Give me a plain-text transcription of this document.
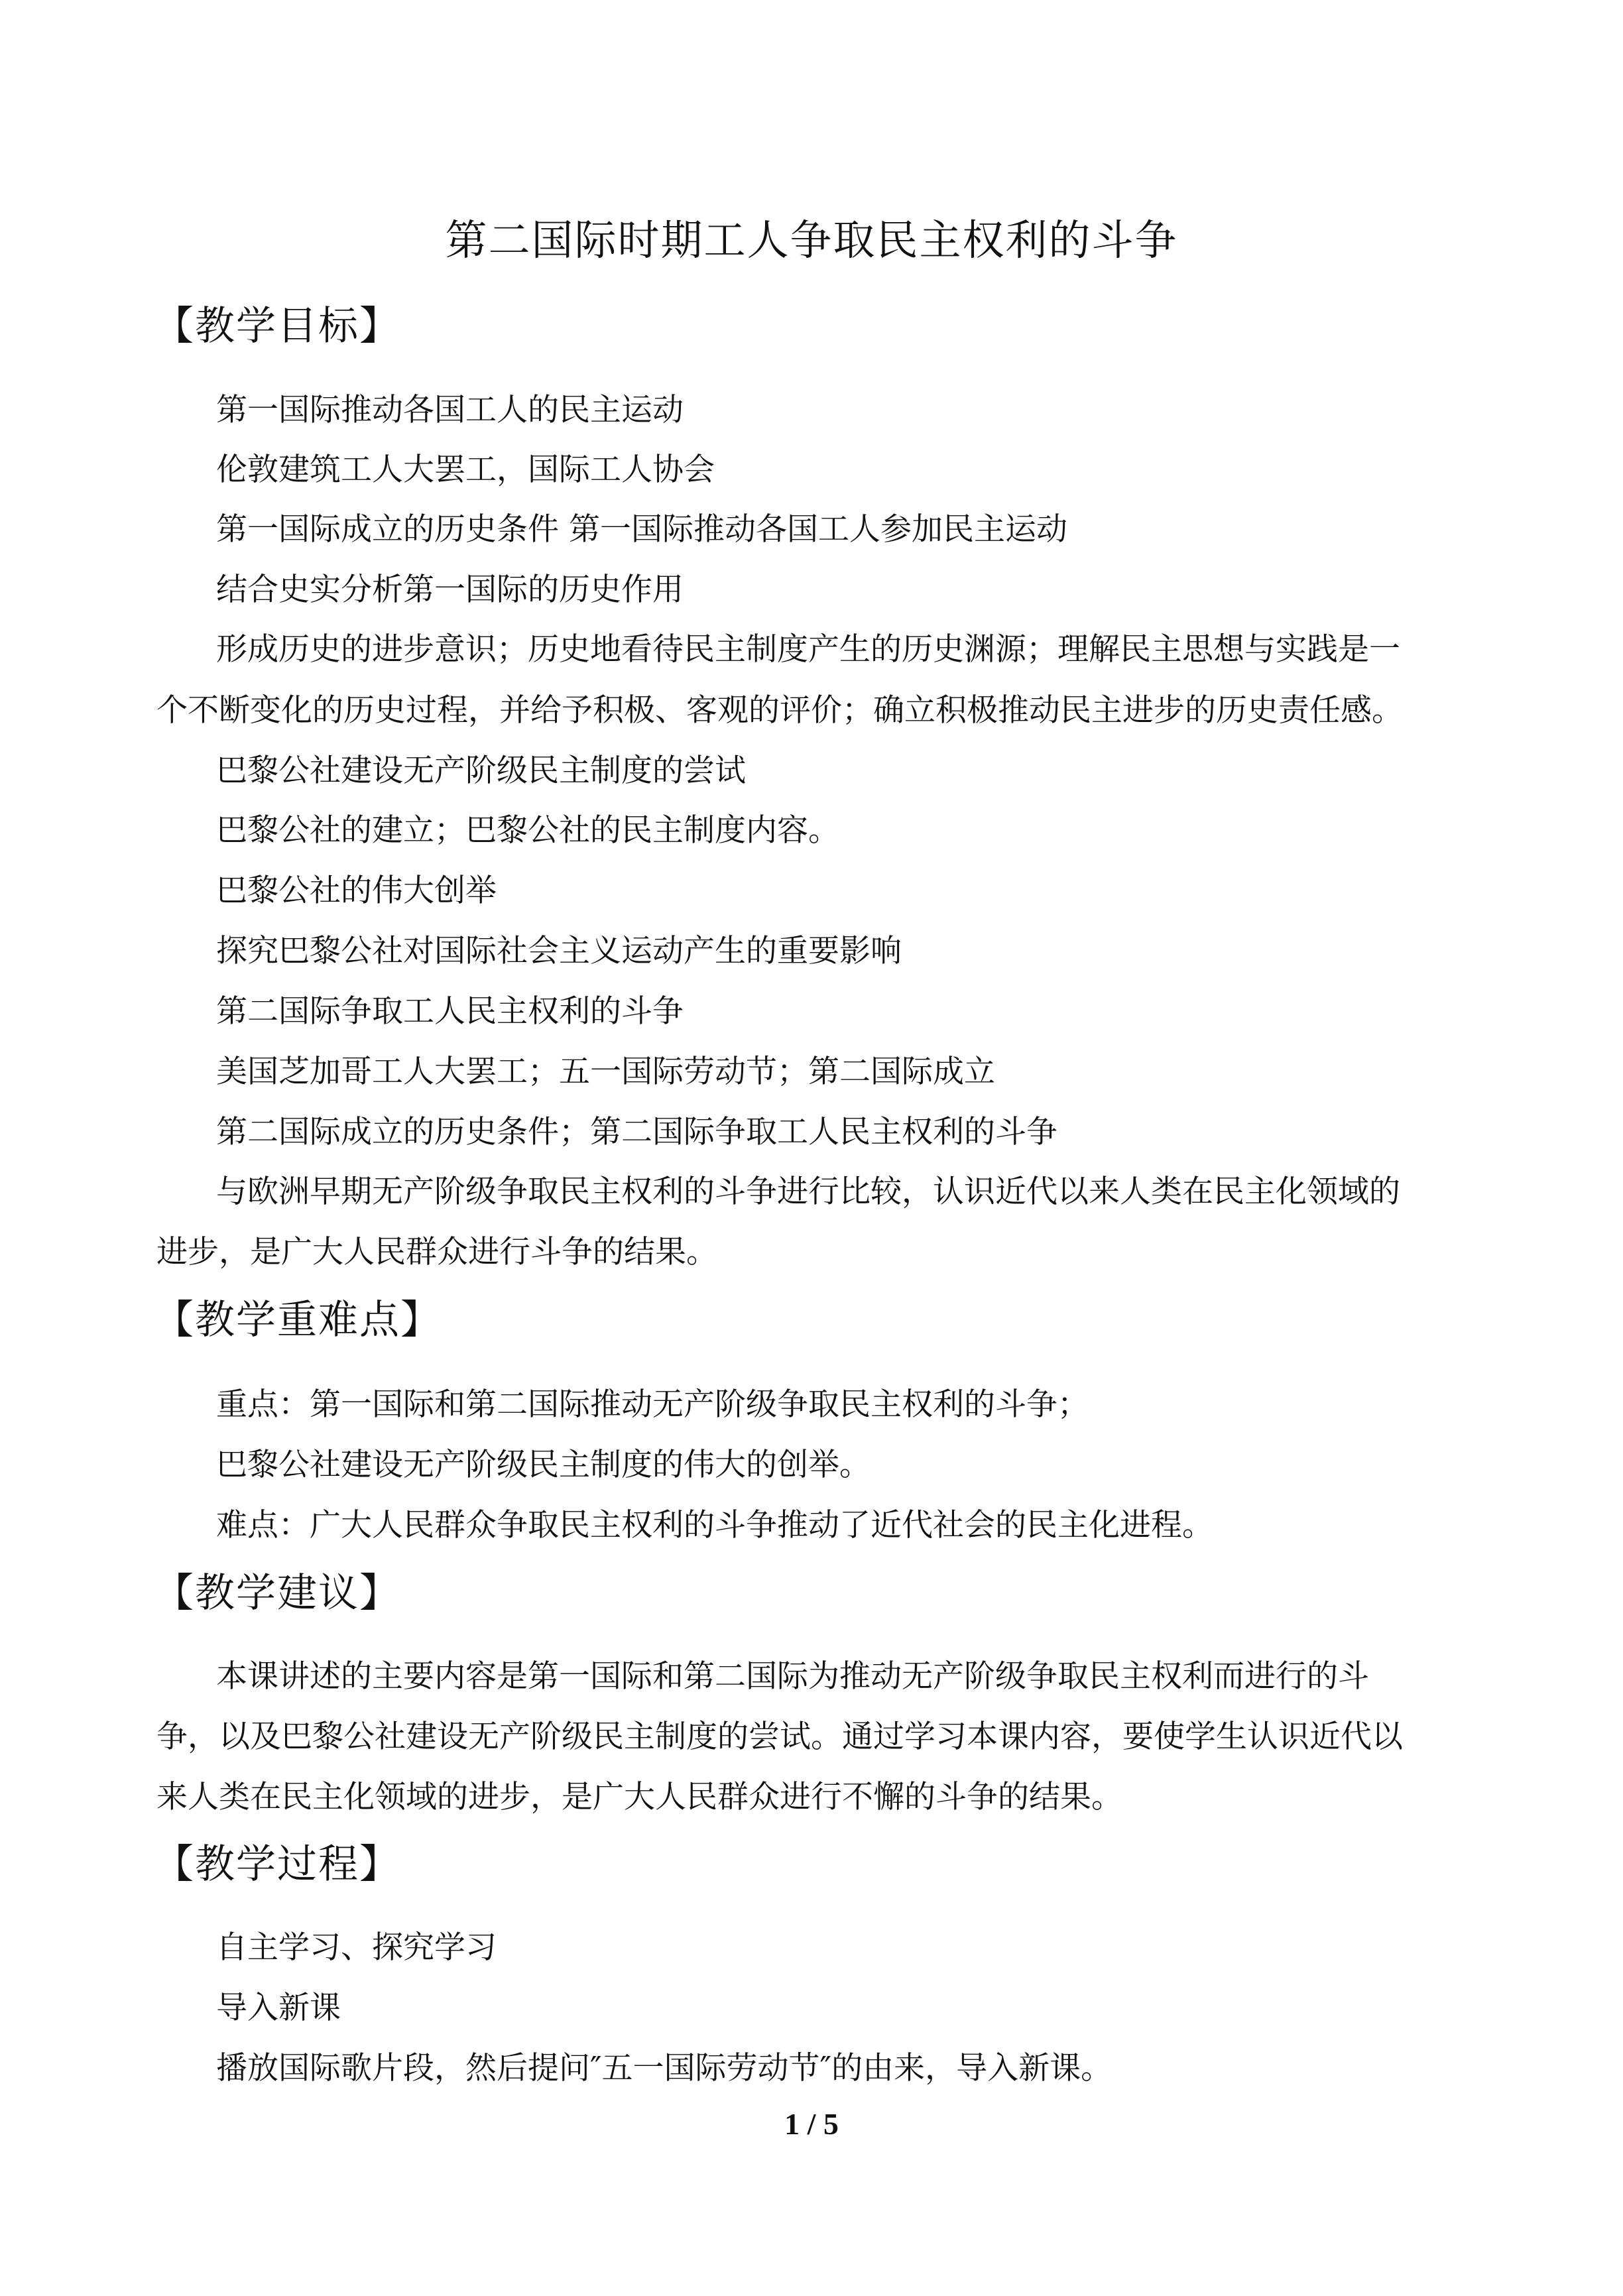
第二国际时期工人争取民主权利的斗争
【教学目标】
第一国际推动各国工人的民主运动
伦敦建筑工人大罢工，国际工人协会
第一国际成立的历史条件 第一国际推动各国工人参加民主运动
结合史实分析第一国际的历史作用
形成历史的进步意识；历史地看待民主制度产生的历史渊源；理解民主思想与实践是一
个不断变化的历史过程，并给予积极、客观的评价；确立积极推动民主进步的历史责任感。
巴黎公社建设无产阶级民主制度的尝试
巴黎公社的建立；巴黎公社的民主制度内容。
巴黎公社的伟大创举
探究巴黎公社对国际社会主义运动产生的重要影响
第二国际争取工人民主权利的斗争
美国芝加哥工人大罢工；五一国际劳动节；第二国际成立
第二国际成立的历史条件；第二国际争取工人民主权利的斗争
与欧洲早期无产阶级争取民主权利的斗争进行比较，认识近代以来人类在民主化领域的
进步，是广大人民群众进行斗争的结果。
【教学重难点】
重点：第一国际和第二国际推动无产阶级争取民主权利的斗争；
巴黎公社建设无产阶级民主制度的伟大的创举。
难点：广大人民群众争取民主权利的斗争推动了近代社会的民主化进程。
【教学建议】
本课讲述的主要内容是第一国际和第二国际为推动无产阶级争取民主权利而进行的斗
争，以及巴黎公社建设无产阶级民主制度的尝试。通过学习本课内容，要使学生认识近代以
来人类在民主化领域的进步，是广大人民群众进行不懈的斗争的结果。
【教学过程】
自主学习、探究学习
导入新课
播放国际歌片段，然后提问″五一国际劳动节″的由来，导入新课。
1 / 5
